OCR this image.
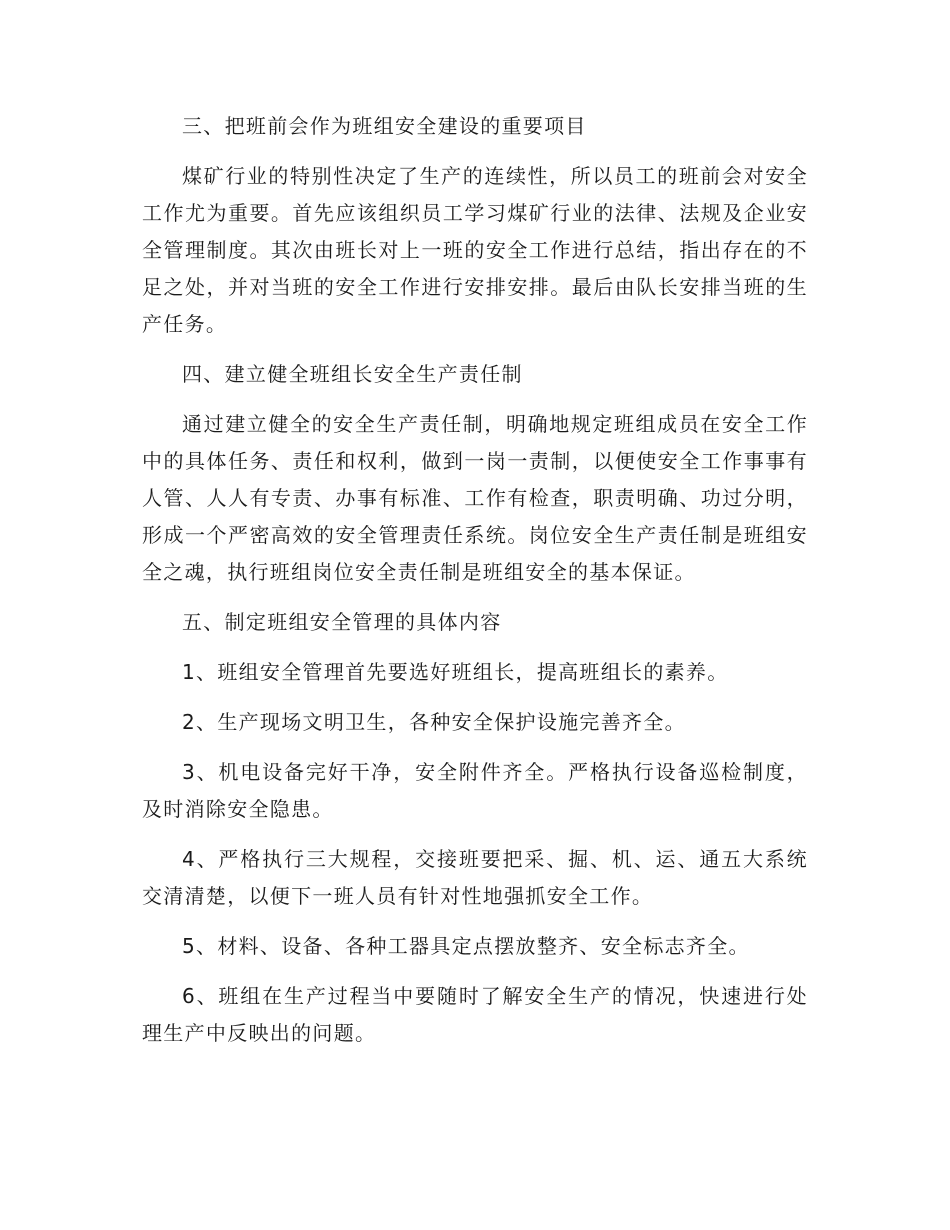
三、把班前会作为班组安全建设的重要项目

煤矿行业的特别性决定了生产的连续性，所以员工的班前会对安全工作尤为重要。首先应该组织员工学习煤矿行业的法律、法规及企业安全管理制度。其次由班长对上一班的安全工作进行总结，指出存在的不足之处，并对当班的安全工作进行安排安排。最后由队长安排当班的生产任务。

四、建立健全班组长安全生产责任制

通过建立健全的安全生产责任制，明确地规定班组成员在安全工作中的具体任务、责任和权利，做到一岗一责制，以便使安全工作事事有人管、人人有专责、办事有标准、工作有检查，职责明确、功过分明，形成一个严密高效的安全管理责任系统。岗位安全生产责任制是班组安全之魂，执行班组岗位安全责任制是班组安全的基本保证。

五、制定班组安全管理的具体内容

1、班组安全管理首先要选好班组长，提高班组长的素养。

2、生产现场文明卫生，各种安全保护设施完善齐全。

3、机电设备完好干净，安全附件齐全。严格执行设备巡检制度，及时消除安全隐患。

4、严格执行三大规程，交接班要把采、掘、机、运、通五大系统交清清楚，以便下一班人员有针对性地强抓安全工作。

5、材料、设备、各种工器具定点摆放整齐、安全标志齐全。

6、班组在生产过程当中要随时了解安全生产的情况，快速进行处理生产中反映出的问题。
